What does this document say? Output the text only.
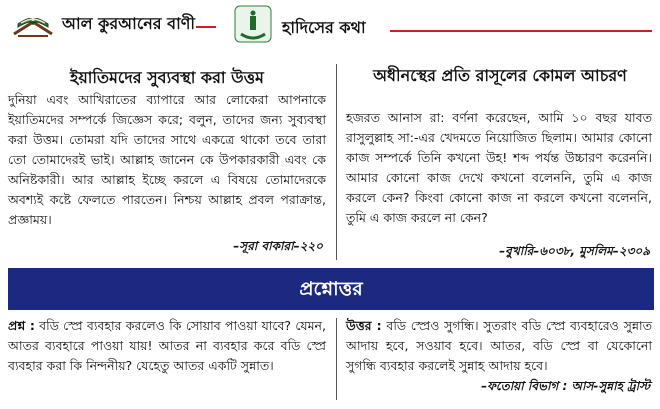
আল কুরআনের বাণী	হাদিসের কথা
ইয়াতিমদের সুব্যবস্থা করা উত্তম
দুনিয়া এবং আখিরাতের ব্যাপারে আর লোকেরা আপনাকে ইয়াতিমদের সম্পর্কে জিজ্ঞেস করে; বলুন, তাদের জন্য সুব্যবস্থা করা উত্তম। তোমরা যদি তাদের সাথে একত্রে থাকো তবে তারা তো তোমাদেরই ভাই। আল্লাহ জানেন কে উপকারকারী এবং কে অনিষ্টকারী। আর আল্লাহ ইচ্ছে করলে এ বিষয়ে তোমাদেরকে অবশ্যই কষ্টে ফেলতে পারতেন। নিশ্চয় আল্লাহ প্রবল পরাক্রান্ত, প্রজ্ঞাময়।
–সূরা বাকারা–২২০
অধীনস্থের প্রতি রাসূলের কোমল আচরণ
হজরত আনাস রা: বর্ণনা করেছেন, আমি ১০ বছর যাবত রাসুলুল্লাহ সা:-এর খেদমতে নিয়োজিত ছিলাম। আমার কোনো কাজ সম্পর্কে তিনি কখনো উহ! শব্দ পর্যন্ত উচ্চারণ করেননি। আমার কোনো কাজ দেখে কখনো বলেননি, তুমি এ কাজ করলে কেন? কিংবা কোনো কাজ না করলে কখনো বলেননি, তুমি এ কাজ করলে না কেন?
–বুখারি–৬০৩৮, মুসলিম–২৩০৯
প্রশ্নোত্তর
প্রশ্ন : বডি স্প্রে ব্যবহার করলেও কি সোয়াব পাওয়া যাবে? যেমন, আতর ব্যবহারে পাওয়া যায়! আতর না ব্যবহার করে বডি স্প্রে ব্যবহার করা কি নিন্দনীয়? যেহেতু আতর একটি সুন্নাত।
উত্তর : বডি স্প্রেও সুগন্ধি। সুতরাং বডি স্প্রে ব্যবহারেও সুন্নাত আদায় হবে, সওয়াব হবে। আতর, বডি স্প্রে বা যেকোনো সুগন্ধি ব্যবহার করলেই সুন্নাহ আদায় হবে।
–ফতোয়া বিভাগ : আস-সুন্নাহ ট্রাস্ট
